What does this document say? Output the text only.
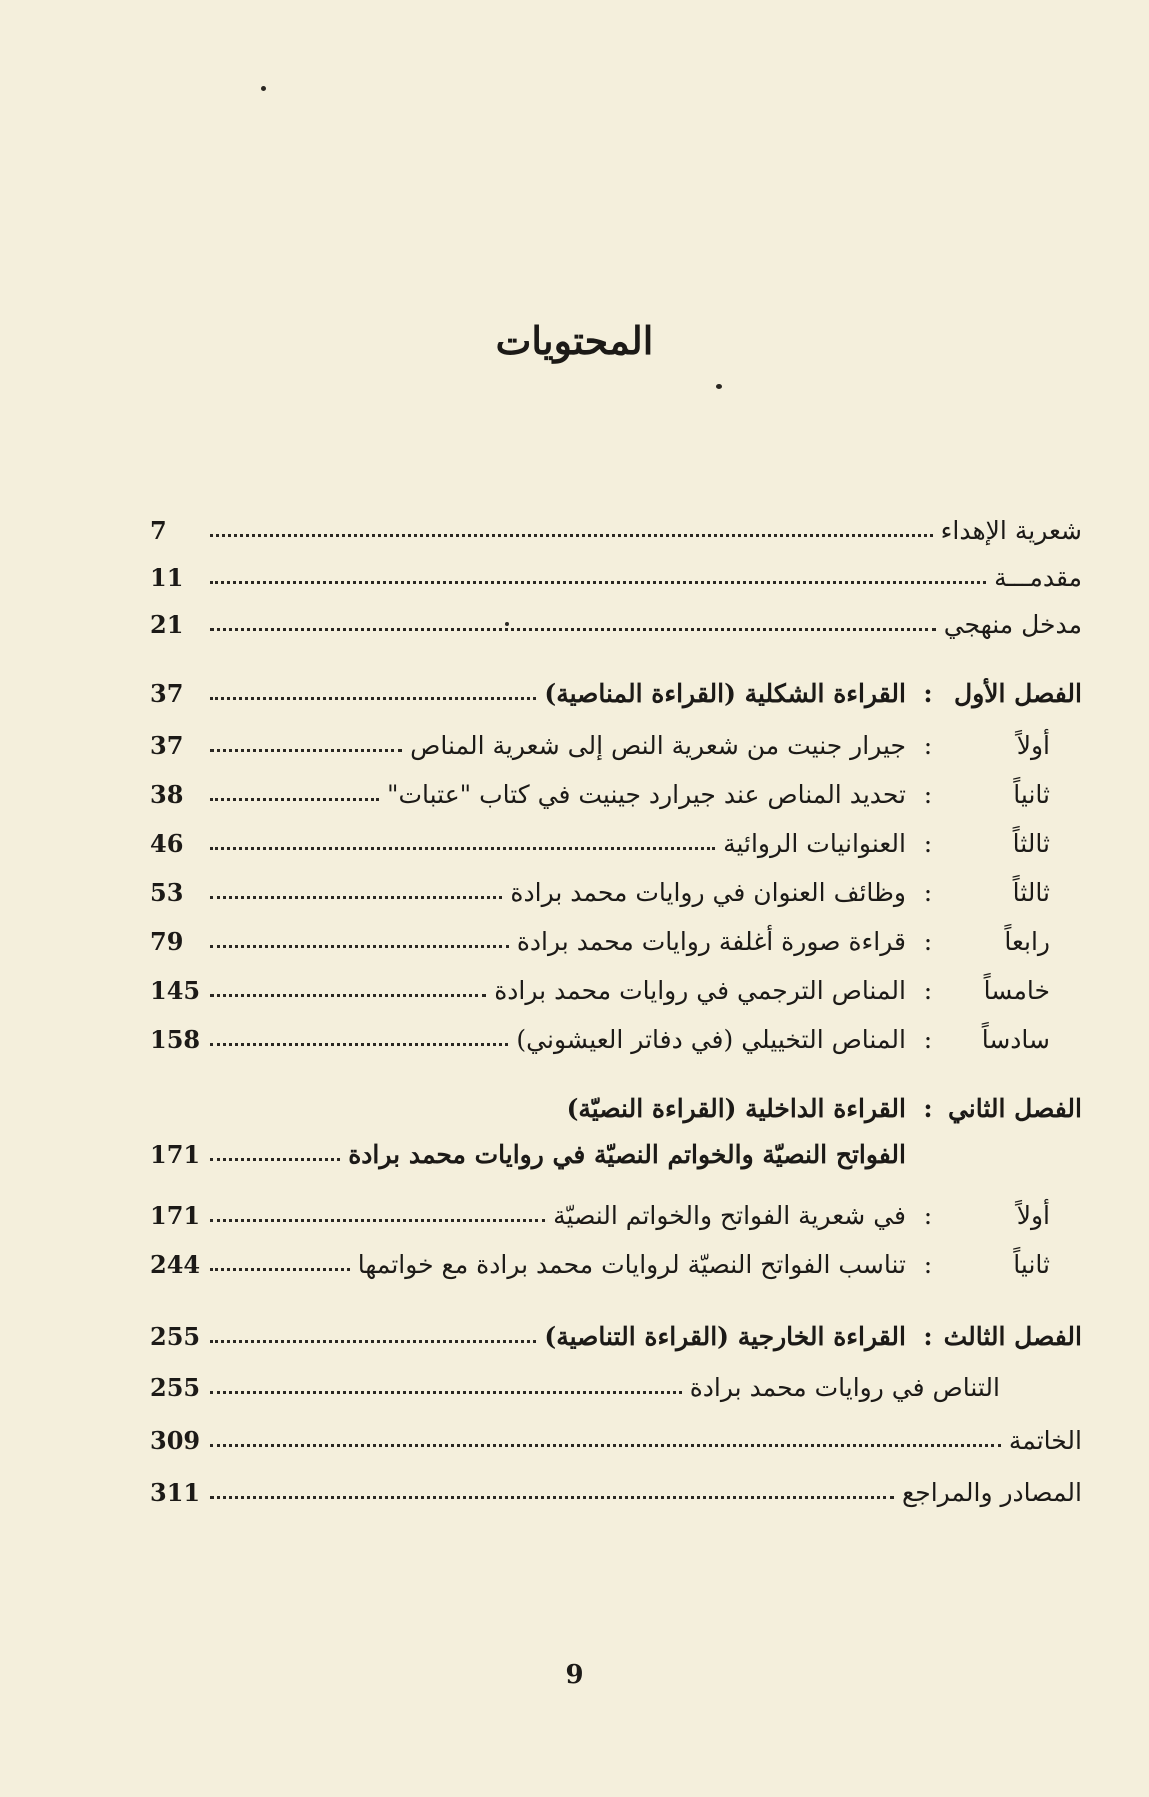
المحتويات
شعرية الإهداء
7
مقدمـــة
11
مدخل منهجي
21
الفصل الأول
:
القراءة الشكلية (القراءة المناصية)
37
أولاً
:
جيرار جنيت من شعرية النص إلى شعرية المناص
37
ثانياً
:
تحديد المناص عند جيرارد جينيت في كتاب "عتبات"
38
ثالثاً
:
العنوانيات الروائية
46
ثالثاً
:
وظائف العنوان في روايات محمد برادة
53
رابعاً
:
قراءة صورة أغلفة روايات محمد برادة
79
خامساً
:
المناص الترجمي في روايات محمد برادة
145
سادساً
:
المناص التخييلي (في دفاتر العيشوني)
158
الفصل الثاني
:
القراءة الداخلية (القراءة النصيّة)
الفواتح النصيّة والخواتم النصيّة في روايات محمد برادة
171
أولاً
:
في شعرية الفواتح والخواتم النصيّة
171
ثانياً
:
تناسب الفواتح النصيّة لروايات محمد برادة مع خواتمها
244
الفصل الثالث
:
القراءة الخارجية (القراءة التناصية)
255
التناص في روايات محمد برادة
255
الخاتمة
309
المصادر والمراجع
311
9
